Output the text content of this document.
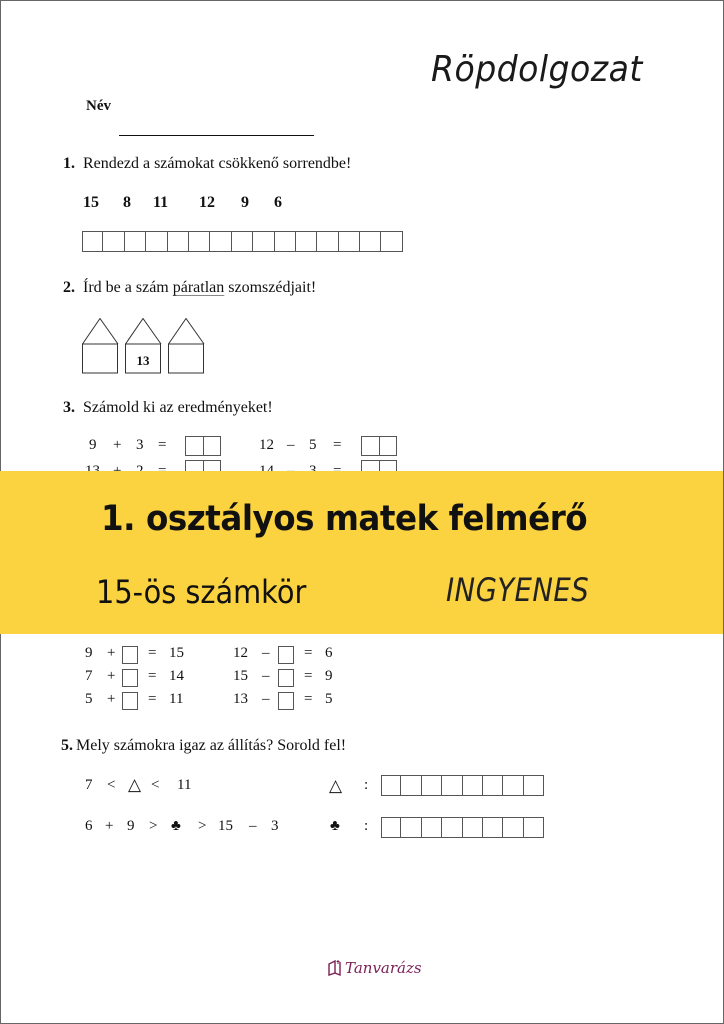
Röpdolgozat
Név
1. Rendezd a számokat csökkenő sorrendbe!
15 8 11 12 9 6
2. Írd be a szám páratlan szomszédjait!
13
3. Számold ki az eredményeket!
9 + 3 =	12 – 5 =
9 + = 15	12 – = 6
7 + = 14	15 – = 9
5 + = 11	13 – = 5
5. Mely számokra igaz az állítás? Sorold fel!
7 < △ < 11	△ :
6 + 9 > ♣ > 15 – 3	♣ :
Tanvarázs
1. osztályos matek felmérő
15-ös számkör	INGYENES
